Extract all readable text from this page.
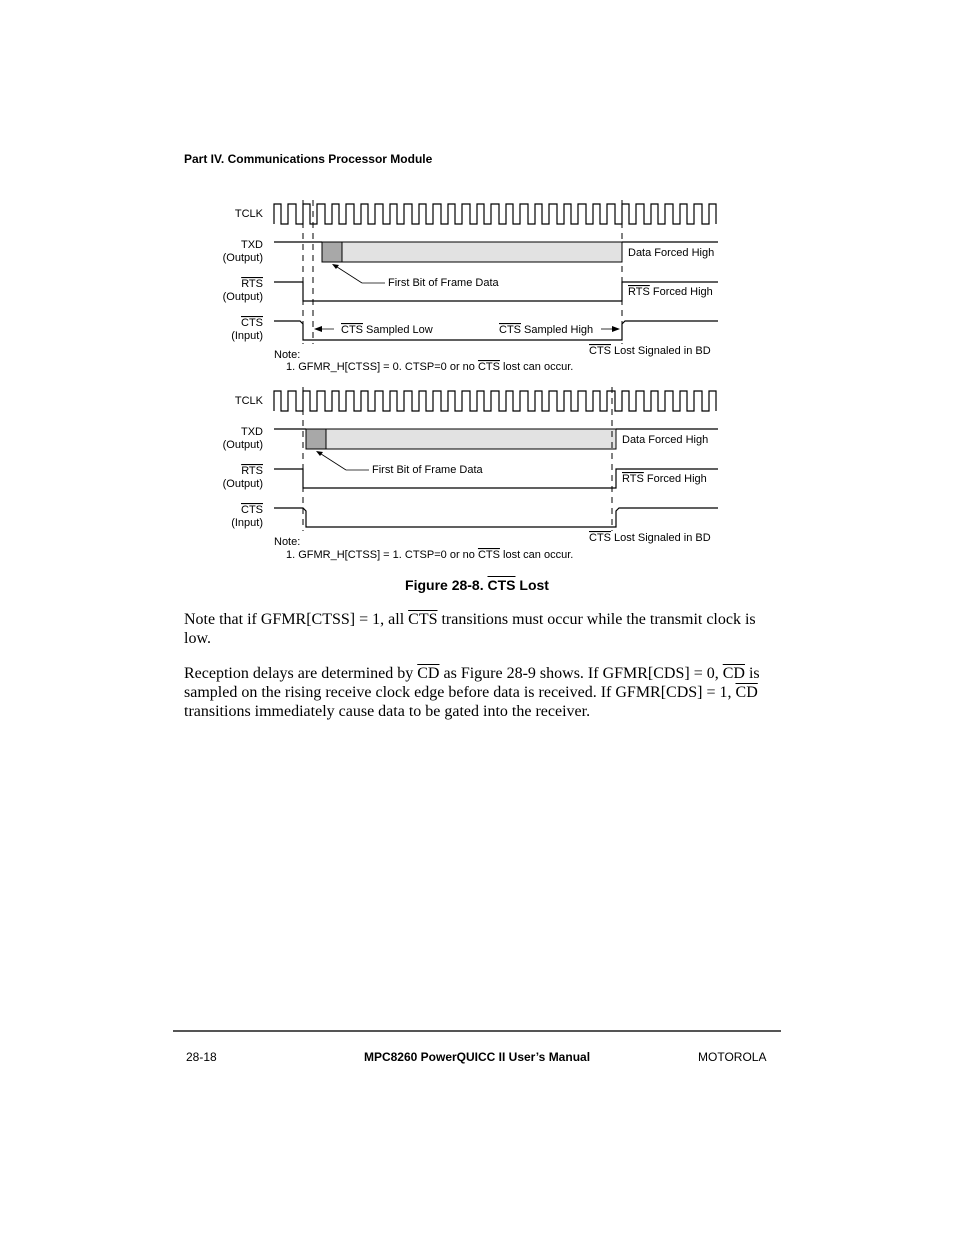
Part IV. Communications Processor Module
TCLK
TXD
(Output)
RTS
(Output)
CTS
(Input)
Data Forced High
First Bit of Frame Data
RTS Forced High
CTS Sampled Low	CTS Sampled High
CTS Lost Signaled in BD
Note:
1. GFMR_H[CTSS] = 0. CTSP=0 or no CTS lost can occur.
TCLK
TXD
(Output)
RTS
(Output)
CTS
(Input)
Data Forced High
First Bit of Frame Data
RTS Forced High
CTS Lost Signaled in BD
Note:
1. GFMR_H[CTSS] = 1. CTSP=0 or no CTS lost can occur.
Figure 28-8. $\overline{CTS}$ Lost
Note that if GFMR[CTSS] = 1, all $\overline{CTS}$ transitions must occur while the transmit clock is low.
Reception delays are determined by $\overline{CD}$ as Figure 28-9 shows. If GFMR[CDS] = 0, $\overline{CD}$ is sampled on the rising receive clock edge before data is received. If GFMR[CDS] = 1, $\overline{CD}$ transitions immediately cause data to be gated into the receiver.
28-18	MPC8260 PowerQUICC II User’s Manual	MOTOROLA
